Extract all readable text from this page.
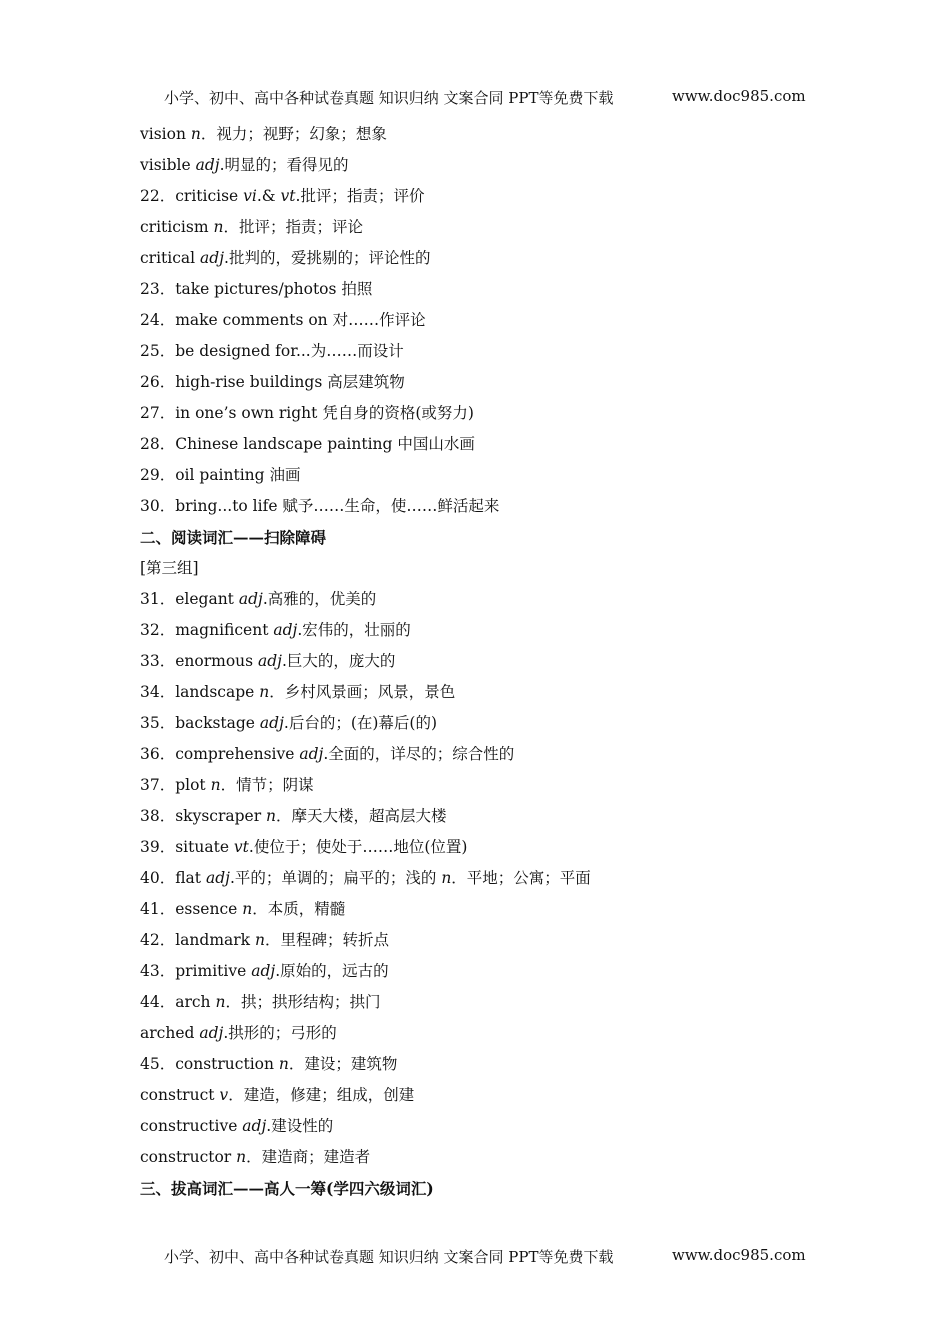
小学、初中、高中各种试卷真题 知识归纳 文案合同 PPT等免费下载	www.doc985.com
vision n．视力；视野；幻象；想象
visible adj.明显的；看得见的
22．criticise vi.& vt.批评；指责；评价
criticism n．批评；指责；评论
critical adj.批判的，爱挑剔的；评论性的
23．take pictures/photos 拍照
24．make comments on 对……作评论
25．be designed for...为……而设计
26．high-rise buildings 高层建筑物
27．in one’s own right 凭自身的资格(或努力)
28．Chinese landscape painting 中国山水画
29．oil painting 油画
30．bring...to life 赋予……生命，使……鲜活起来
二、阅读词汇——扫除障碍
[第三组]
31．elegant adj.高雅的，优美的
32．magnificent adj.宏伟的，壮丽的
33．enormous adj.巨大的，庞大的
34．landscape n．乡村风景画；风景，景色
35．backstage adj.后台的；(在)幕后(的)
36．comprehensive adj.全面的，详尽的；综合性的
37．plot n．情节；阴谋
38．skyscraper n．摩天大楼，超高层大楼
39．situate vt.使位于；使处于……地位(位置)
40．flat adj.平的；单调的；扁平的；浅的 n．平地；公寓；平面
41．essence n．本质，精髓
42．landmark n．里程碑；转折点
43．primitive adj.原始的，远古的
44．arch n．拱；拱形结构；拱门
arched adj.拱形的；弓形的
45．construction n．建设；建筑物
construct v．建造，修建；组成，创建
constructive adj.建设性的
constructor n．建造商；建造者
三、拔高词汇——高人一筹(学四六级词汇)
小学、初中、高中各种试卷真题 知识归纳 文案合同 PPT等免费下载	www.doc985.com
